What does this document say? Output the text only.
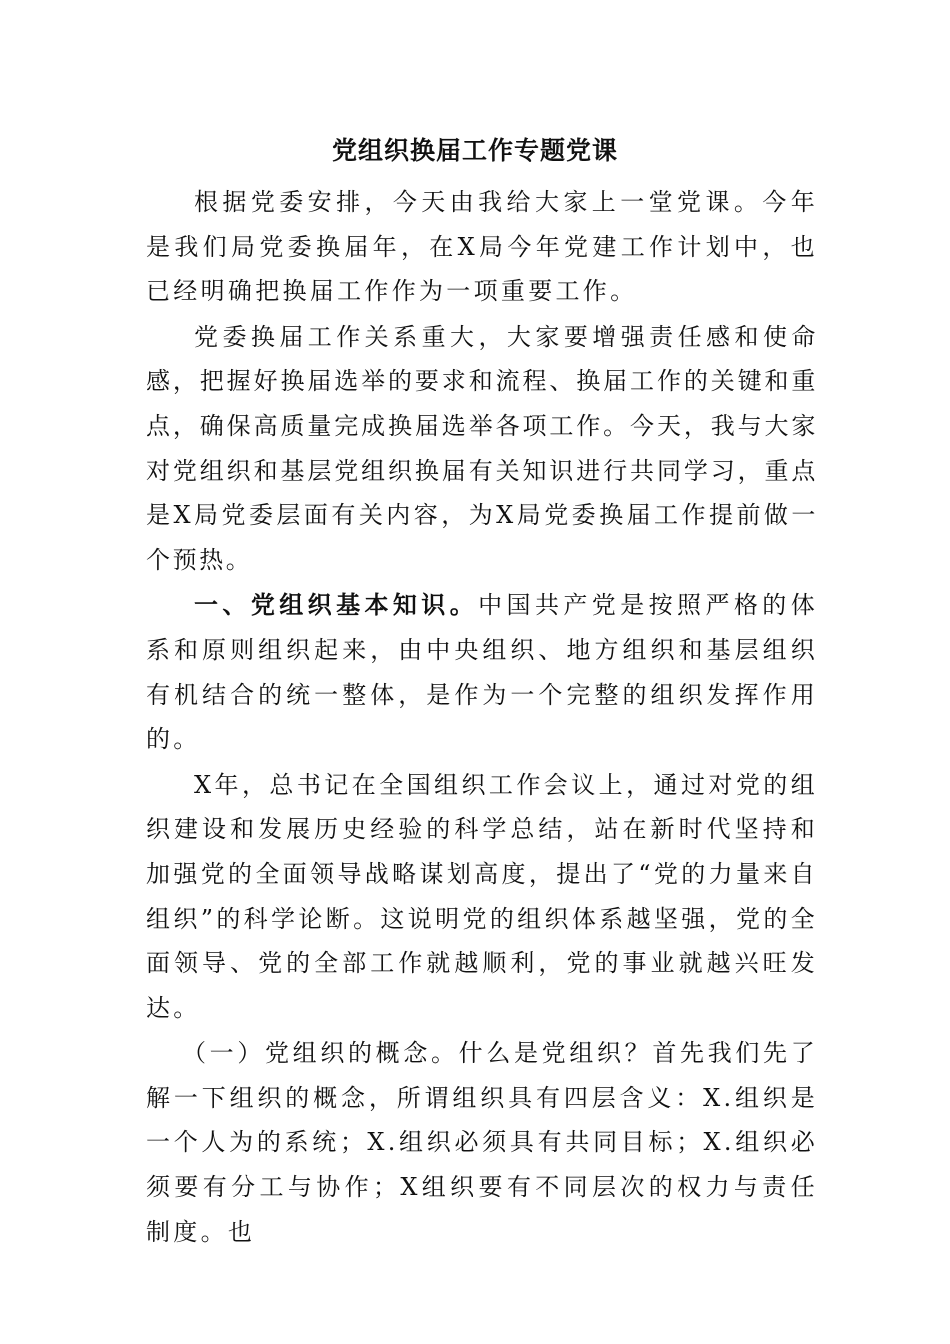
党组织换届工作专题党课

根据党委安排，今天由我给大家上一堂党课。今年是我们局党委换届年，在X局今年党建工作计划中，也已经明确把换届工作作为一项重要工作。

党委换届工作关系重大，大家要增强责任感和使命感，把握好换届选举的要求和流程、换届工作的关键和重点，确保高质量完成换届选举各项工作。今天，我与大家对党组织和基层党组织换届有关知识进行共同学习，重点是X局党委层面有关内容，为X局党委换届工作提前做一个预热。

一、党组织基本知识。中国共产党是按照严格的体系和原则组织起来，由中央组织、地方组织和基层组织有机结合的统一整体，是作为一个完整的组织发挥作用的。

X年，总书记在全国组织工作会议上，通过对党的组织建设和发展历史经验的科学总结，站在新时代坚持和加强党的全面领导战略谋划高度，提出了“党的力量来自组织”的科学论断。这说明党的组织体系越坚强，党的全面领导、党的全部工作就越顺利，党的事业就越兴旺发达。

（一）党组织的概念。什么是党组织？首先我们先了解一下组织的概念，所谓组织具有四层含义：X.组织是一个人为的系统；X.组织必须具有共同目标；X.组织必须要有分工与协作；X组织要有不同层次的权力与责任制度。也
